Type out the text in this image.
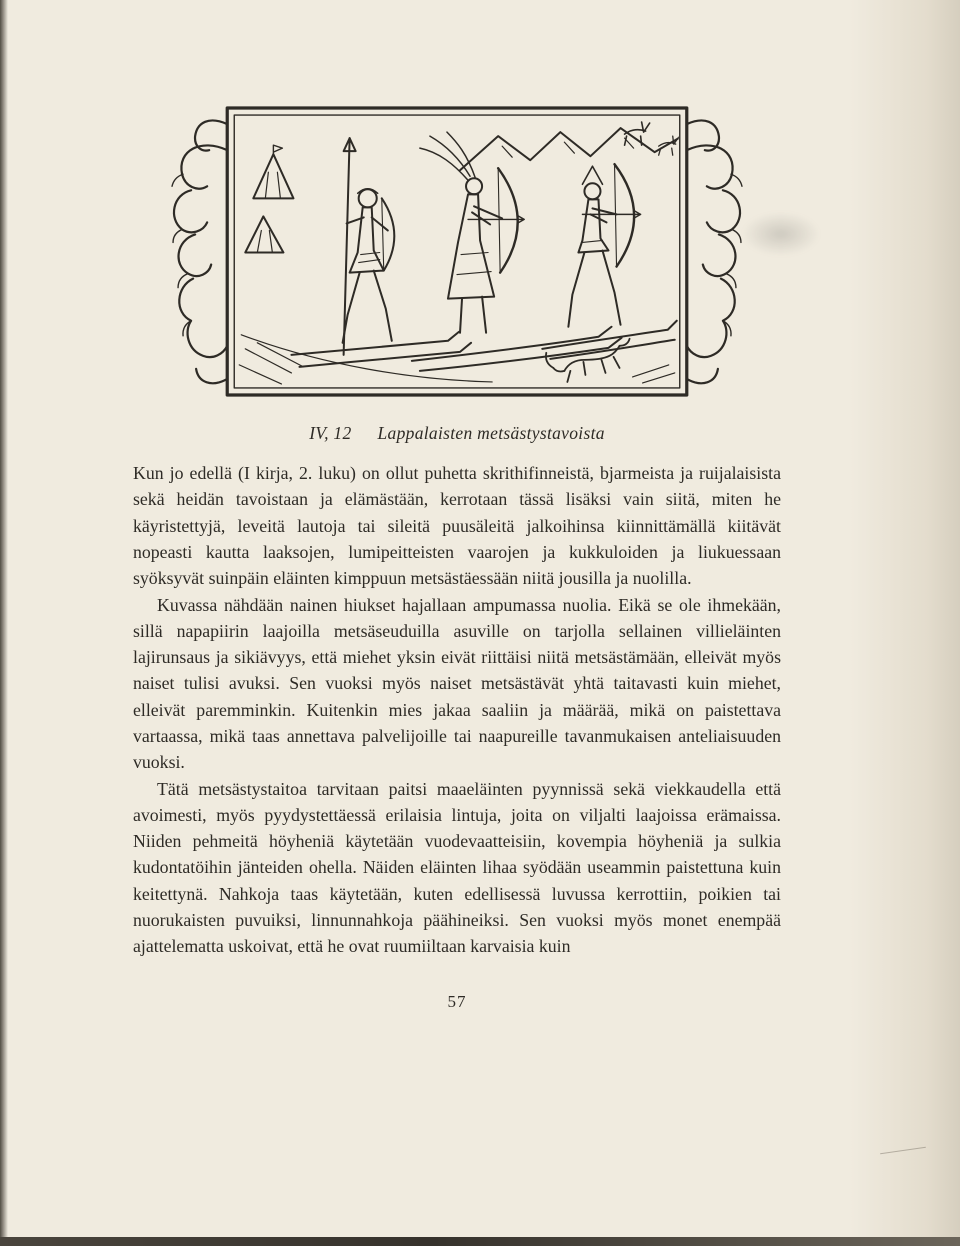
IV, 12 Lappalaisten metsästystavoista

Kun jo edellä (I kirja, 2. luku) on ollut puhetta skrithifinneistä, bjarmeista ja ruijalaisista sekä heidän tavoistaan ja elämästään, kerrotaan tässä lisäksi vain siitä, miten he käyristettyjä, leveitä lautoja tai sileitä puusäleitä jalkoihinsa kiinnittämällä kiitävät nopeasti kautta laaksojen, lumipeitteisten vaarojen ja kukkuloiden ja liukuessaan syöksyvät suinpäin eläinten kimppuun metsästäessään niitä jousilla ja nuolilla.

Kuvassa nähdään nainen hiukset hajallaan ampumassa nuolia. Eikä se ole ihmekään, sillä napapiirin laajoilla metsäseuduilla asuville on tarjolla sellainen villieläinten lajirunsaus ja sikiävyys, että miehet yksin eivät riittäisi niitä metsästämään, elleivät myös naiset tulisi avuksi. Sen vuoksi myös naiset metsästävät yhtä taitavasti kuin miehet, elleivät paremminkin. Kuitenkin mies jakaa saaliin ja määrää, mikä on paistettava vartaassa, mikä taas annettava palvelijoille tai naapureille tavanmukaisen anteliaisuuden vuoksi.

Tätä metsästystaitoa tarvitaan paitsi maaeläinten pyynnissä sekä viekkaudella että avoimesti, myös pyydystettäessä erilaisia lintuja, joita on viljalti laajoissa erämaissa. Niiden pehmeitä höyheniä käytetään vuodevaatteisiin, kovempia höyheniä ja sulkia kudontatöihin jänteiden ohella. Näiden eläinten lihaa syödään useammin paistettuna kuin keitettynä. Nahkoja taas käytetään, kuten edellisessä luvussa kerrottiin, poikien tai nuorukaisten puvuiksi, linnunnahkoja päähineiksi. Sen vuoksi myös monet enempää ajattelematta uskoivat, että he ovat ruumiiltaan karvaisia kuin

57
